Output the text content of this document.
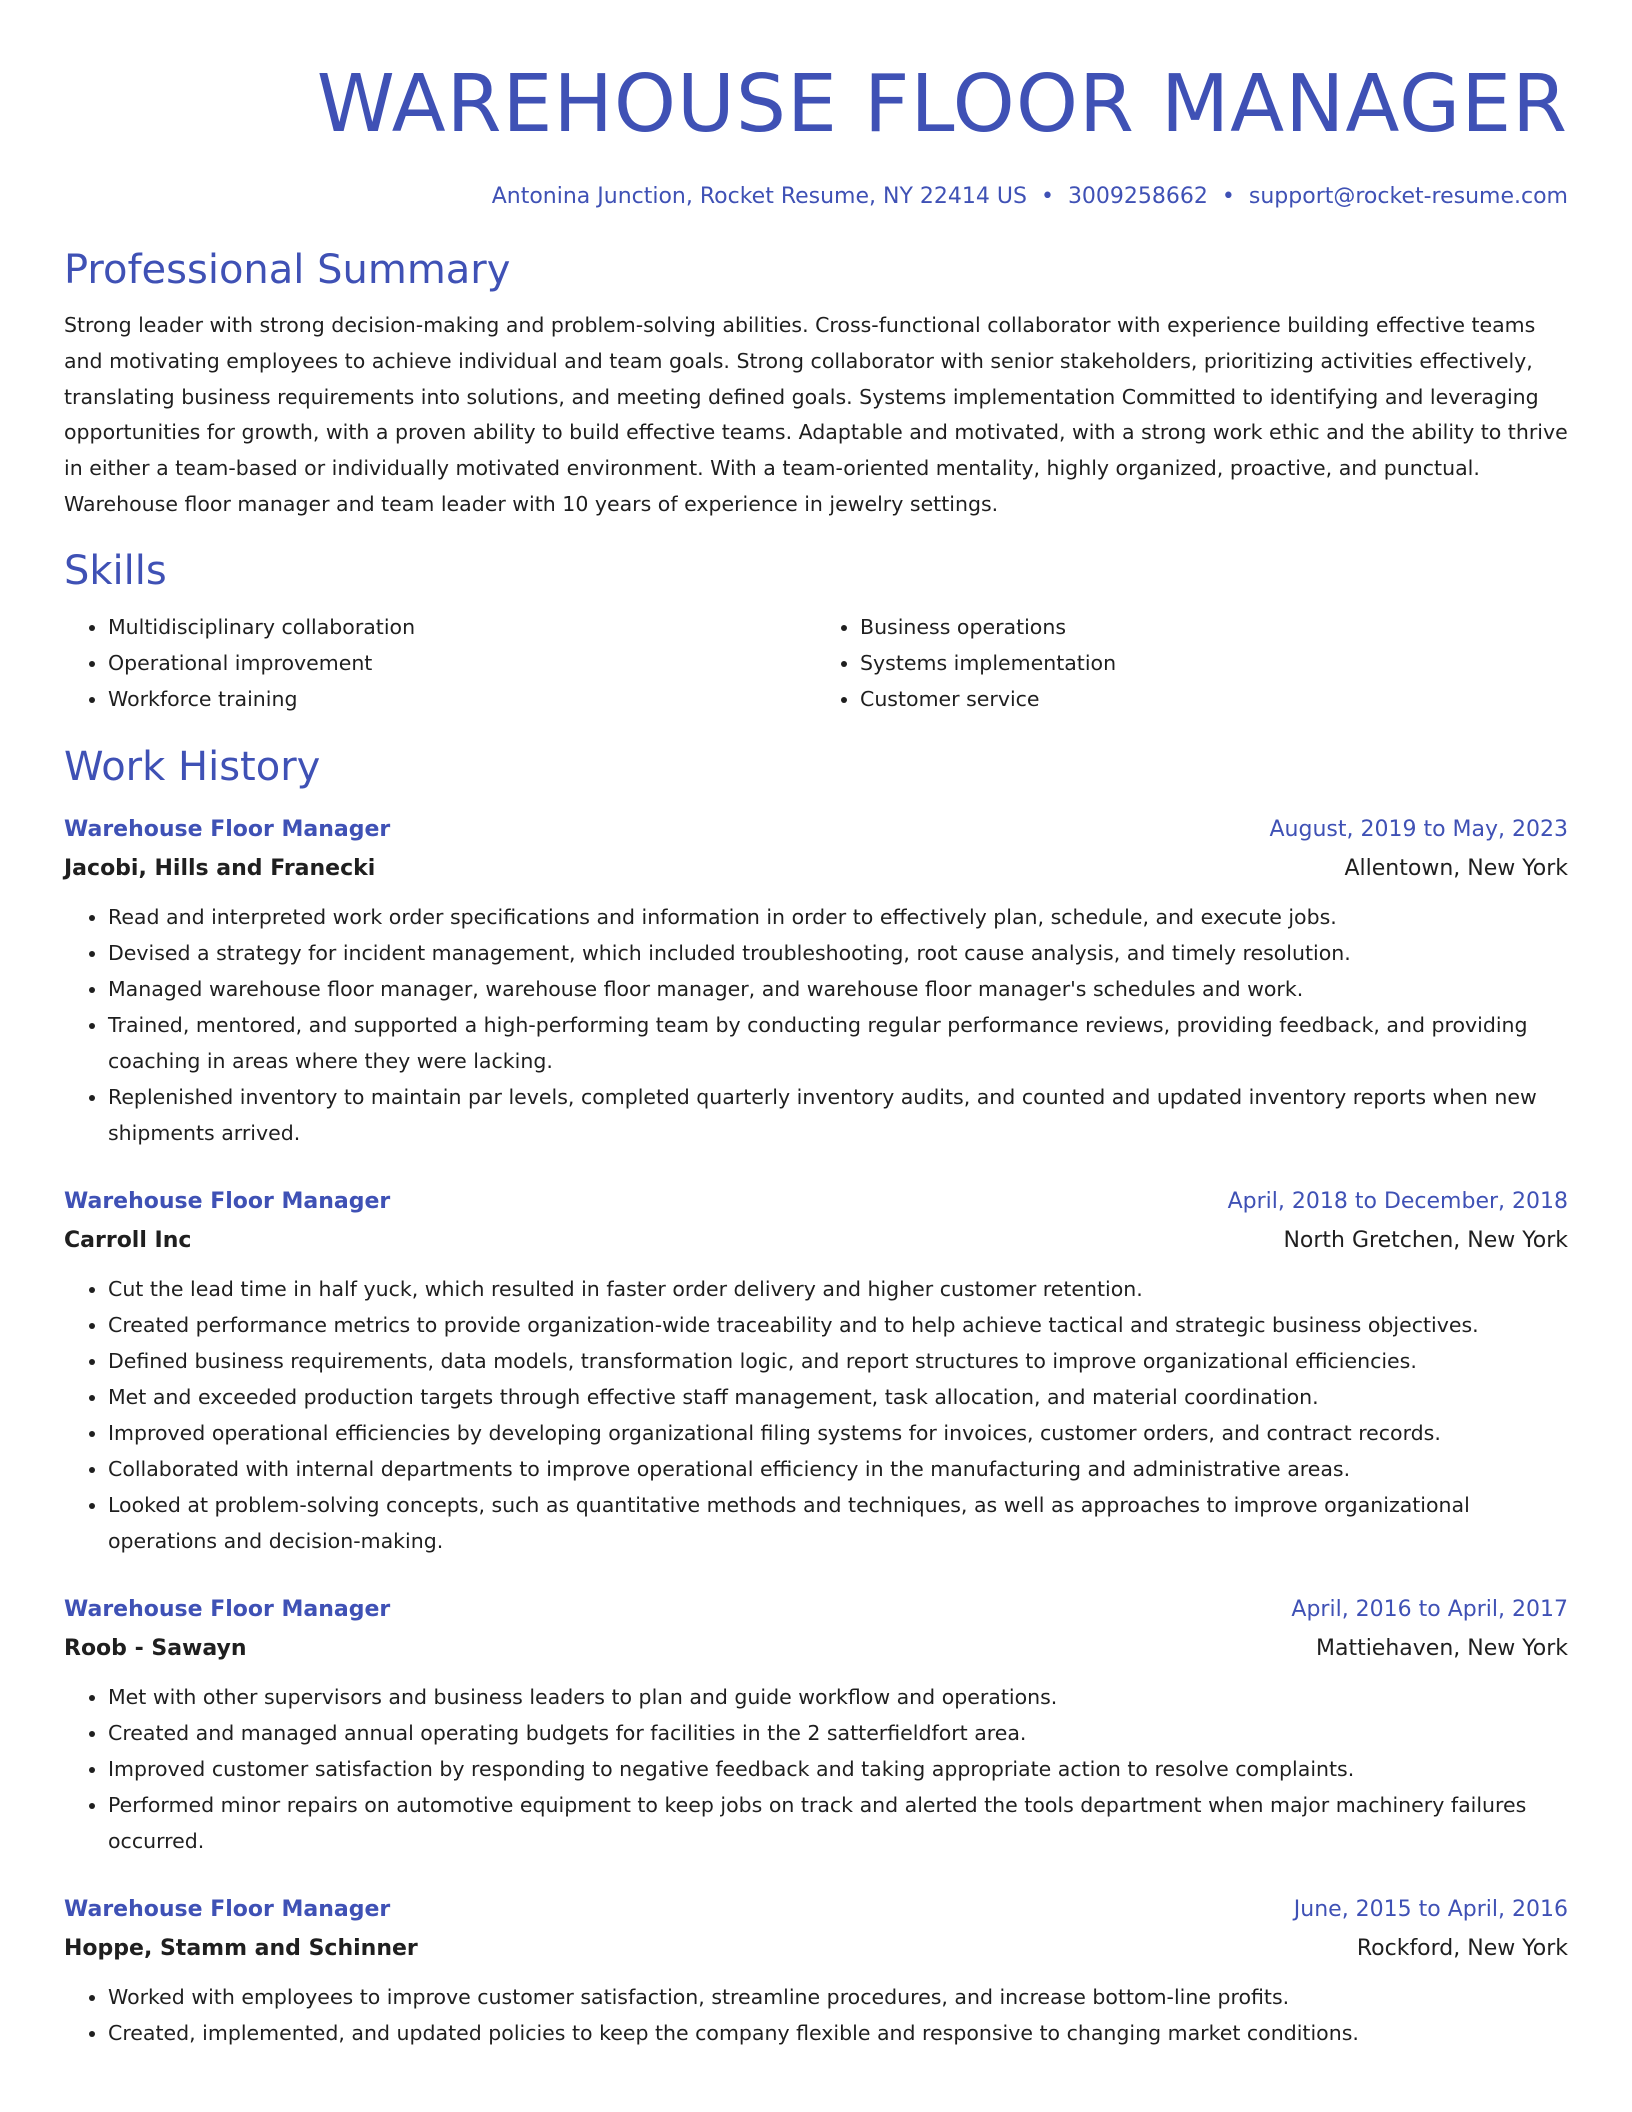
WAREHOUSE FLOOR MANAGER
Antonina Junction, Rocket Resume, NY 22414 US • 3009258662 • support@rocket-resume.com
Professional Summary

Strong leader with strong decision-making and problem-solving abilities. Cross-functional collaborator with experience building effective teams and motivating employees to achieve individual and team goals. Strong collaborator with senior stakeholders, prioritizing activities effectively, translating business requirements into solutions, and meeting defined goals. Systems implementation Committed to identifying and leveraging opportunities for growth, with a proven ability to build effective teams. Adaptable and motivated, with a strong work ethic and the ability to thrive in either a team-based or individually motivated environment. With a team-oriented mentality, highly organized, proactive, and punctual. Warehouse floor manager and team leader with 10 years of experience in jewelry settings.

Skills
• Multidisciplinary collaboration
• Operational improvement
• Workforce training
• Business operations
• Systems implementation
• Customer service
Work History
Warehouse Floor Manager	August, 2019 to May, 2023
Jacobi, Hills and Franecki	Allentown, New York
• Read and interpreted work order specifications and information in order to effectively plan, schedule, and execute jobs.
• Devised a strategy for incident management, which included troubleshooting, root cause analysis, and timely resolution.
• Managed warehouse floor manager, warehouse floor manager, and warehouse floor manager's schedules and work.
• Trained, mentored, and supported a high-performing team by conducting regular performance reviews, providing feedback, and providing coaching in areas where they were lacking.
• Replenished inventory to maintain par levels, completed quarterly inventory audits, and counted and updated inventory reports when new shipments arrived.
Warehouse Floor Manager	April, 2018 to December, 2018
Carroll Inc	North Gretchen, New York
• Cut the lead time in half yuck, which resulted in faster order delivery and higher customer retention.
• Created performance metrics to provide organization-wide traceability and to help achieve tactical and strategic business objectives.
• Defined business requirements, data models, transformation logic, and report structures to improve organizational efficiencies.
• Met and exceeded production targets through effective staff management, task allocation, and material coordination.
• Improved operational efficiencies by developing organizational filing systems for invoices, customer orders, and contract records.
• Collaborated with internal departments to improve operational efficiency in the manufacturing and administrative areas.
• Looked at problem-solving concepts, such as quantitative methods and techniques, as well as approaches to improve organizational operations and decision-making.
Warehouse Floor Manager	April, 2016 to April, 2017
Roob - Sawayn	Mattiehaven, New York
• Met with other supervisors and business leaders to plan and guide workflow and operations.
• Created and managed annual operating budgets for facilities in the 2 satterfieldfort area.
• Improved customer satisfaction by responding to negative feedback and taking appropriate action to resolve complaints.
• Performed minor repairs on automotive equipment to keep jobs on track and alerted the tools department when major machinery failures occurred.
Warehouse Floor Manager	June, 2015 to April, 2016
Hoppe, Stamm and Schinner	Rockford, New York
• Worked with employees to improve customer satisfaction, streamline procedures, and increase bottom-line profits.
• Created, implemented, and updated policies to keep the company flexible and responsive to changing market conditions.
